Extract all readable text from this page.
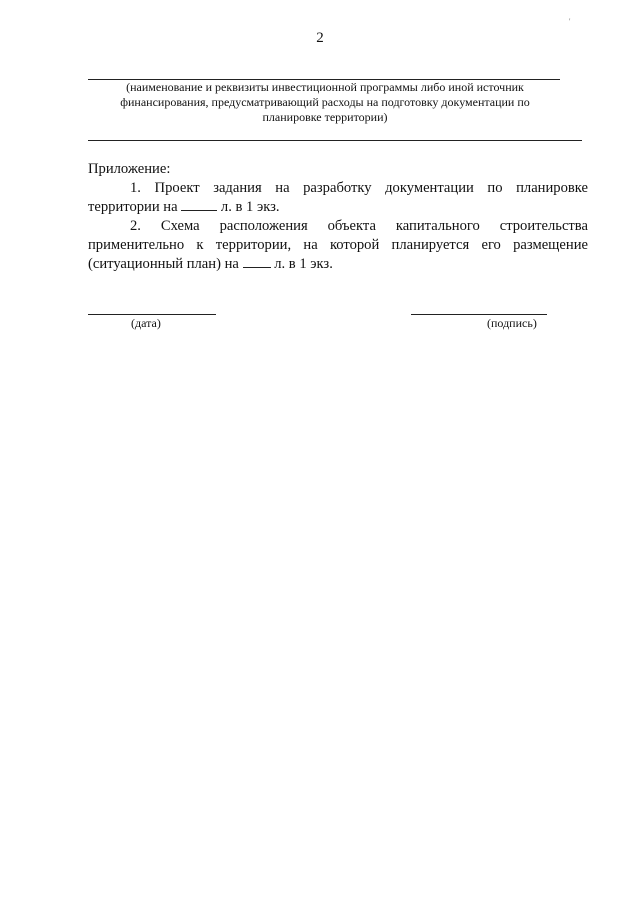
'
2
(наименование и реквизиты инвестиционной программы либо иной источник
финансирования, предусматривающий расходы на подготовку документации по
планировке территории)

Приложение:

1. Проект задания на разработку документации по планировке территории на	л. в 1 экз.

2. Схема расположения объекта капитального строительства применительно к территории, на которой планируется его размещение (ситуационный план) на л. в 1 экз.

(дата)	(подпись)
